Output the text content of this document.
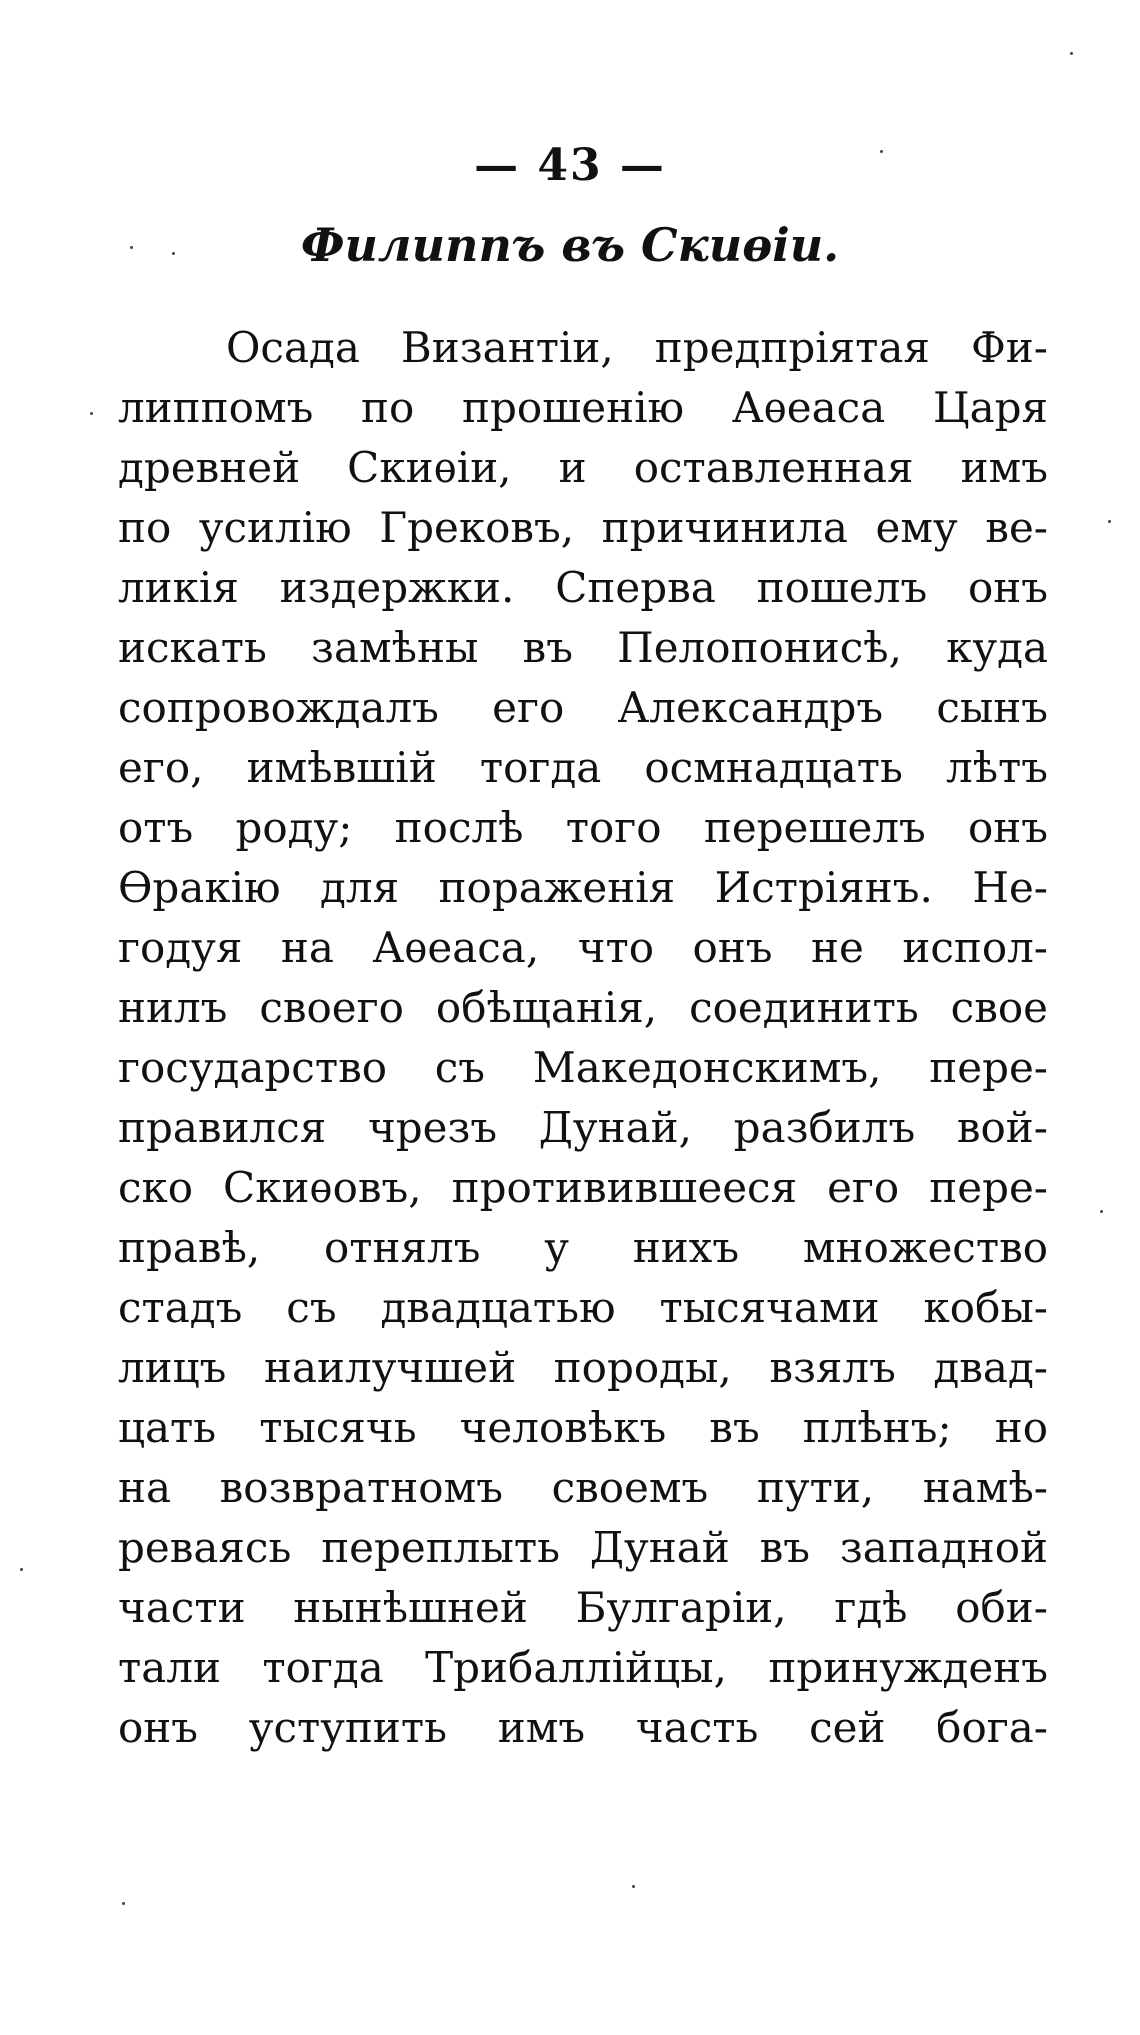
— 43 —
Филиппъ въ Скиѳіи.
Осада Византіи, предпріятая Фи-
липпомъ по прошенію Аѳеаса Царя
древней Скиѳіи, и оставленная имъ
по усилію Грековъ, причинила ему ве-
ликія издержки. Сперва пошелъ онъ
искать замѣны въ Пелопонисѣ, куда
сопровождалъ его Александръ сынъ
его, имѣвшій тогда осмнадцать лѣтъ
отъ роду; послѣ того перешелъ онъ
Ѳракію для пораженія Истріянъ. Не-
годуя на Аѳеаса, что онъ не испол-
нилъ своего обѣщанія, соединить свое
государство съ Македонскимъ, пере-
правился чрезъ Дунай, разбилъ вой-
ско Скиѳовъ, противившееся его пере-
правѣ, отнялъ у нихъ множество
стадъ съ двадцатью тысячами кобы-
лицъ наилучшей породы, взялъ двад-
цать тысячь человѣкъ въ плѣнъ; но
на возвратномъ своемъ пути, намѣ-
реваясь переплыть Дунай въ западной
части нынѣшней Булгаріи, гдѣ оби-
тали тогда Трибаллійцы, принужденъ
онъ уступить имъ часть сей бога-
